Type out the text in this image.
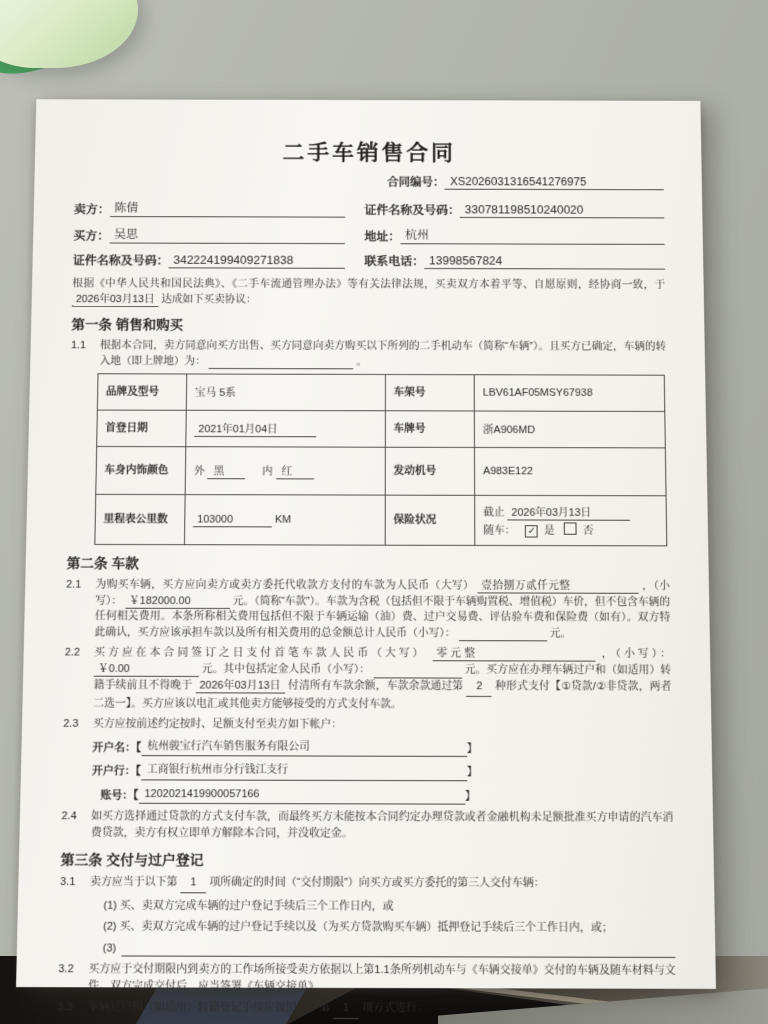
二手车销售合同
合同编号： XS2026031316541276975
卖方： 陈倩	证件名称及号码： 330781198510240020
买方： 吴思	地址： 杭州
证件名称及号码： 342224199409271838	联系电话： 13998567824
根据《中华人民共和国民法典》、《二手车流通管理办法》等有关法律法规，买卖双方本着平等、自愿原则，经协商一致，于 2026年03月13日 达成如下买卖协议：
第一条 销售和购买
1.1	根据本合同，卖方同意向买方出售、买方同意向卖方购买以下所列的二手机动车（简称“车辆”）。且买方已确定，车辆的转入地（即上牌地）为：	。
品牌及型号	宝马 5系	车架号	LBV61AF05MSY67938
首登日期	2021年01月04日	车牌号	浙A906MD
车身内饰颜色	外 黑 内 红	发动机号	A983E122
里程表公里数	103000 KM	保险状况	截止 2026年03月13日
随车： ✓ 是 否
第二条 车款
2.1	为购买车辆，买方应向卖方或卖方委托代收款方支付的车款为人民币（大写） 壹拾捌万贰仟元整	，（小写）： ￥182000.00	元。（简称“车款”）。车款为含税（包括但不限于车辆购置税、增值税）车价，但不包含车辆的任何相关费用。本条所称相关费用包括但不限于车辆运输（油）费、过户交易费、评估验车费和保险费（如有）。双方特此确认，买方应该承担车款以及所有相关费用的总金额总计人民币（小写）：	元。
2.2	买方应在本合同签订之日支付首笔车款人民币（大写） 零元整	，（小写）： ￥0.00	元。其中包括定金人民币（小写）：	元。买方应在办理车辆过户和（如适用）转籍手续前且不得晚于 2026年03月13日 付清所有车款余额，车款余款通过第 2 种形式支付【①贷款/②非贷款，两者二选一】。买方应该以电汇或其他卖方能够接受的方式支付车款。
2.3	买方应按前述约定按时、足额支付至卖方如下帐户：
开户名：【 杭州骏宝行汽车销售服务有限公司	】
开户行：【 工商银行杭州市分行钱江支行	】
账号：【 1202021419900057166	】
2.4	如买方选择通过贷款的方式支付车款，而最终买方未能按本合同约定办理贷款或者金融机构未足额批准买方申请的汽车消费贷款，卖方有权立即单方解除本合同，并没收定金。
第三条 交付与过户登记
3.1	卖方应当于以下第 1 项所确定的时间（“交付期限”）向买方或买方委托的第三人交付车辆：
(1) 买、卖双方完成车辆的过户登记手续后三个工作日内，或
(2) 买、卖双方完成车辆的过户登记手续以及（为买方贷款购买车辆）抵押登记手续后三个工作日内，或；
(3)
3.2	买方应于交付期限内到卖方的工作场所接受卖方依据以上第1.1条所列机动车与《车辆交接单》交付的车辆及随车材料与文件。双方完成交付后，应当签署《车辆交接单》。
3.3	车辆过户和（如适用）转籍登记手续应按照以下第 1 项方式进行：
